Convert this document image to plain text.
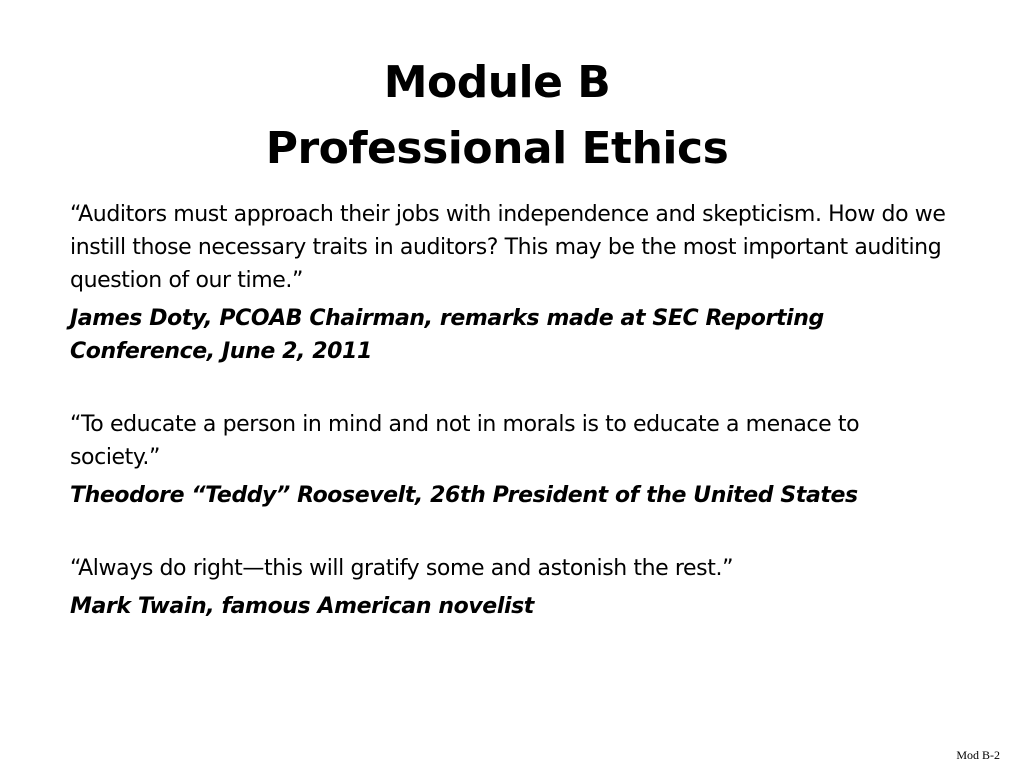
Module B
Professional Ethics

“Auditors must approach their jobs with independence and skepticism. How do we instill those necessary traits in auditors? This may be the most important auditing question of our time.”

James Doty, PCOAB Chairman, remarks made at SEC Reporting Conference, June 2, 2011

“To educate a person in mind and not in morals is to educate a menace to society.”

Theodore “Teddy” Roosevelt, 26th President of the United States

“Always do right—this will gratify some and astonish the rest.”

Mark Twain, famous American novelist

Mod B-2
